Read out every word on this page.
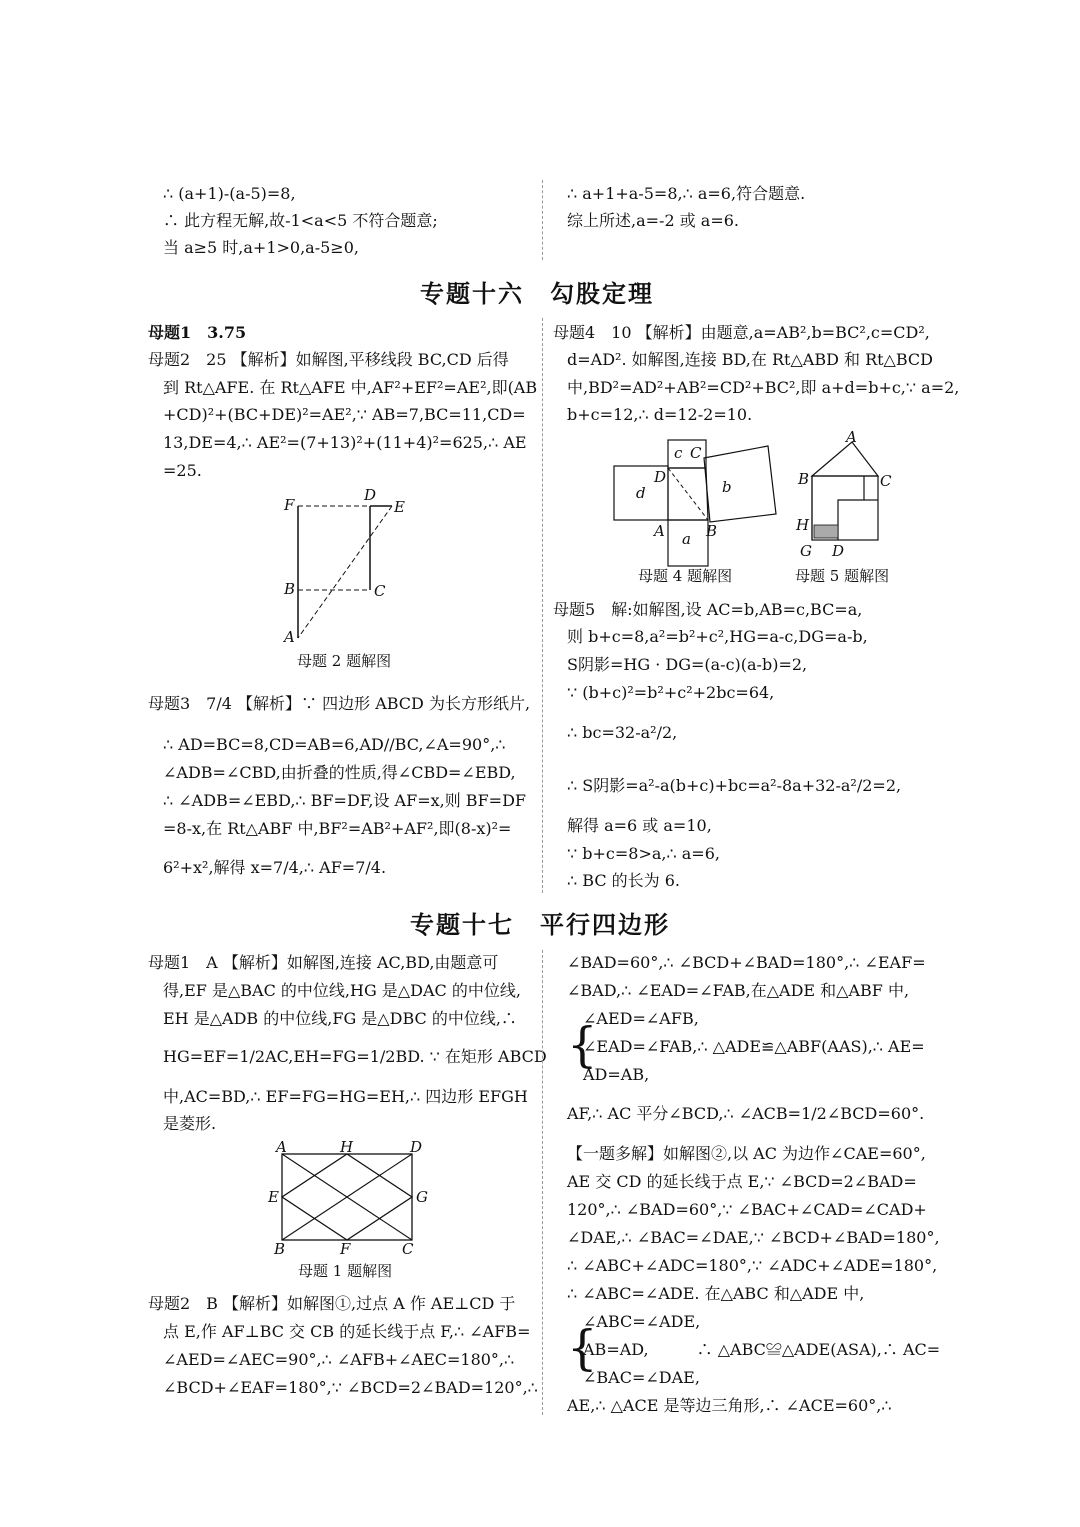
∴ (a+1)-(a-5)=8,
∴ 此方程无解,故-1<a<5 不符合题意;
当 a≥5 时,a+1>0,a-5≥0,
∴ a+1+a-5=8,∴ a=6,符合题意.
综上所述,a=-2 或 a=6.
专题十六　勾股定理
母题1　3.75
母题2　25 【解析】如解图,平移线段 BC,CD 后得
到 Rt△AFE. 在 Rt△AFE 中,AF²+EF²=AE²,即(AB
+CD)²+(BC+DE)²=AE²,∵ AB=7,BC=11,CD=
13,DE=4,∴ AE²=(7+13)²+(11+4)²=625,∴ AE
=25.
F
D
E
B	C
A
母题 2 题解图
母题3　7/4 【解析】∵ 四边形 ABCD 为长方形纸片,
∴ AD=BC=8,CD=AB=6,AD//BC,∠A=90°,∴
∠ADB=∠CBD,由折叠的性质,得∠CBD=∠EBD,
∴ ∠ADB=∠EBD,∴ BF=DF,设 AF=x,则 BF=DF
=8-x,在 Rt△ABF 中,BF²=AB²+AF²,即(8-x)²=
6²+x²,解得 x=7/4,∴ AF=7/4.
母题4　10 【解析】由题意,a=AB²,b=BC²,c=CD²,
d=AD². 如解图,连接 BD,在 Rt△ABD 和 Rt△BCD
中,BD²=AD²+AB²=CD²+BC²,即 a+d=b+c,∵ a=2,
b+c=12,∴ d=12-2=10.
c C
D
d	b
A a B
母题 4 题解图
A
B	C
H
G D
母题 5 题解图
母题5　解:如解图,设 AC=b,AB=c,BC=a,
则 b+c=8,a²=b²+c²,HG=a-c,DG=a-b,
S阴影=HG · DG=(a-c)(a-b)=2,
∵ (b+c)²=b²+c²+2bc=64,
∴ bc=32-a²/2,
∴ S阴影=a²-a(b+c)+bc=a²-8a+32-a²/2=2,
解得 a=6 或 a=10,
∵ b+c=8>a,∴ a=6,
∴ BC 的长为 6.
专题十七　平行四边形
母题1　A 【解析】如解图,连接 AC,BD,由题意可
得,EF 是△BAC 的中位线,HG 是△DAC 的中位线,
EH 是△ADB 的中位线,FG 是△DBC 的中位线,∴
HG=EF=1/2AC,EH=FG=1/2BD. ∵ 在矩形 ABCD
中,AC=BD,∴ EF=FG=HG=EH,∴ 四边形 EFGH
是菱形.
A	H	D
E	G
B	F	C
母题 1 题解图
母题2　B 【解析】如解图①,过点 A 作 AE⊥CD 于
点 E,作 AF⊥BC 交 CB 的延长线于点 F,∴ ∠AFB=
∠AED=∠AEC=90°,∴ ∠AFB+∠AEC=180°,∴
∠BCD+∠EAF=180°,∵ ∠BCD=2∠BAD=120°,∴
∠BAD=60°,∴ ∠BCD+∠BAD=180°,∴ ∠EAF=
∠BAD,∴ ∠EAD=∠FAB,在△ADE 和△ABF 中,
{
∠AED=∠AFB,
∠EAD=∠FAB,∴ △ADE≌△ABF(AAS),∴ AE=
AD=AB,
AF,∴ AC 平分∠BCD,∴ ∠ACB=1/2∠BCD=60°.
【一题多解】如解图②,以 AC 为边作∠CAE=60°,
AE 交 CD 的延长线于点 E,∵ ∠BCD=2∠BAD=
120°,∴ ∠BAD=60°,∵ ∠BAC+∠CAD=∠CAD+
∠DAE,∴ ∠BAC=∠DAE,∵ ∠BCD+∠BAD=180°,
∴ ∠ABC+∠ADC=180°,∵ ∠ADC+∠ADE=180°,
∴ ∠ABC=∠ADE. 在△ABC 和△ADE 中,
{
∠ABC=∠ADE,
AB=AD,　　　∴ △ABC≌△ADE(ASA),∴ AC=
∠BAC=∠DAE,
AE,∴ △ACE 是等边三角形,∴ ∠ACE=60°,∴
